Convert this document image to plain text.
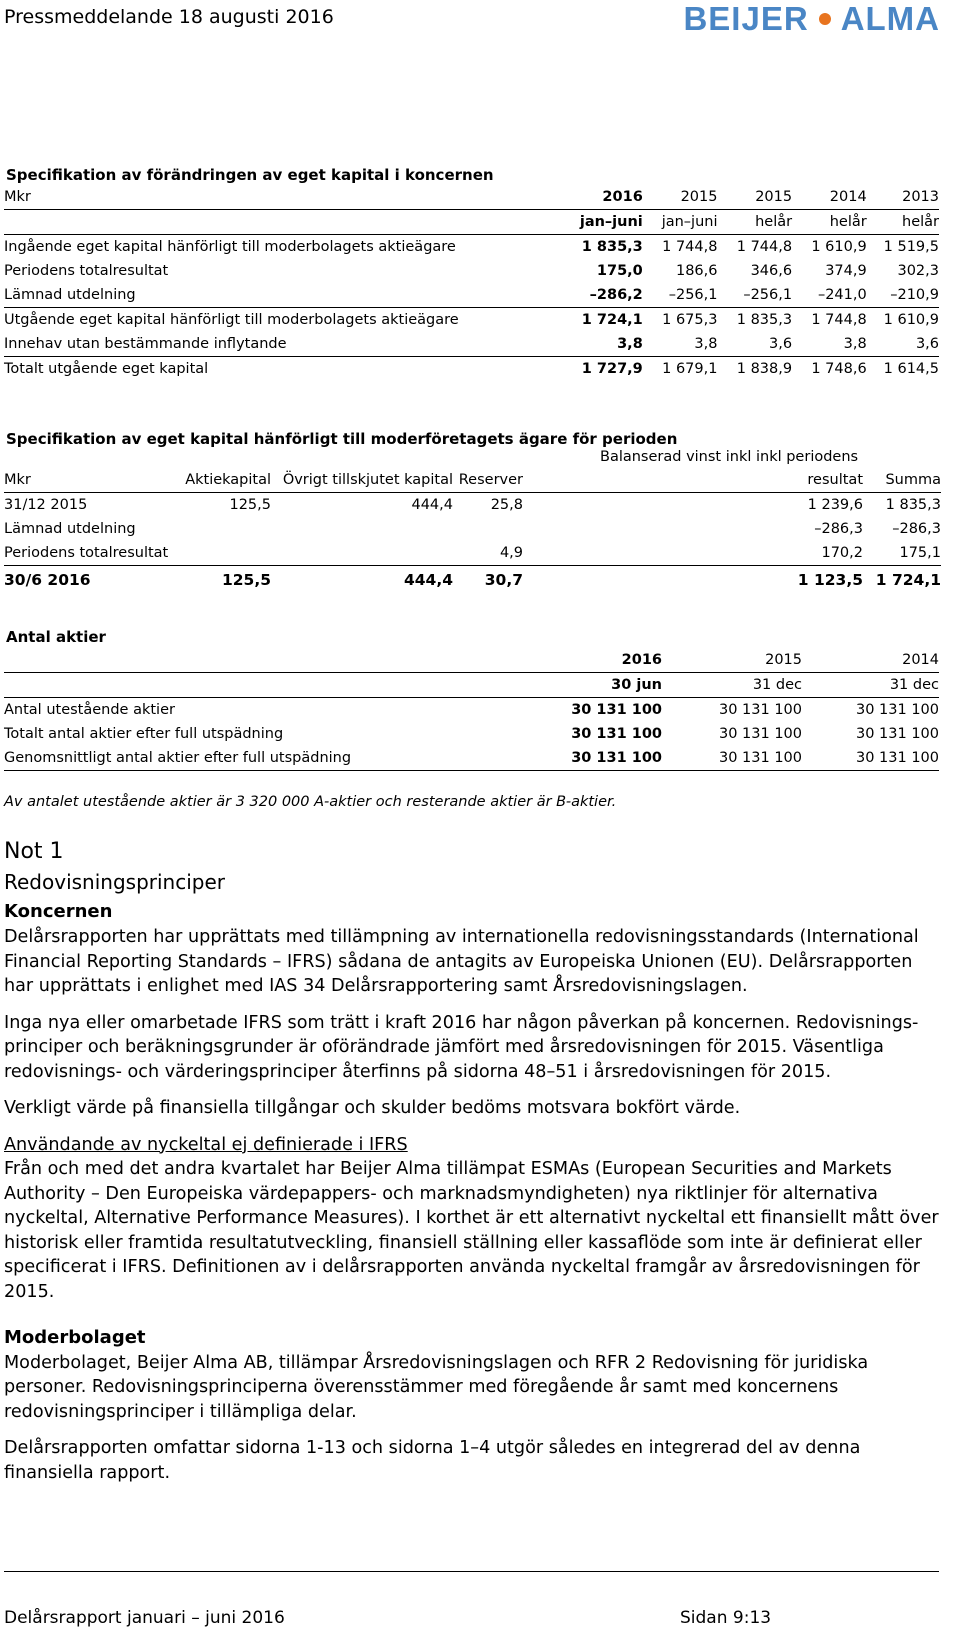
Pressmeddelande 18 augusti 2016	BEIJER ALMA
Specifikation av förändringen av eget kapital i koncernen
Mkr	2016	2015	2015	2014	2013
	jan–juni	jan–juni	helår	helår	helår
Ingående eget kapital hänförligt till moderbolagets aktieägare	1 835,3	1 744,8	1 744,8	1 610,9	1 519,5
Periodens totalresultat	175,0	186,6	346,6	374,9	302,3
Lämnad utdelning	–286,2	–256,1	–256,1	–241,0	–210,9
Utgående eget kapital hänförligt till moderbolagets aktieägare	1 724,1	1 675,3	1 835,3	1 744,8	1 610,9
Innehav utan bestämmande inflytande	3,8	3,8	3,6	3,8	3,6
Totalt utgående eget kapital	1 727,9	1 679,1	1 838,9	1 748,6	1 614,5
Specifikation av eget kapital hänförligt till moderföretagets ägare för perioden
Balanserad vinst inkl inkl periodens
Mkr	Aktiekapital	Övrigt tillskjutet kapital	Reserver	resultat	Summa
31/12 2015	125,5	444,4	25,8	1 239,6	1 835,3
Lämnad utdelning				–286,3	–286,3
Periodens totalresultat			4,9	170,2	175,1
30/6 2016	125,5	444,4	30,7	1 123,5	1 724,1
Antal aktier
	2016	2015	2014
	30 jun	31 dec	31 dec
Antal utestående aktier	30 131 100	30 131 100	30 131 100
Totalt antal aktier efter full utspädning	30 131 100	30 131 100	30 131 100
Genomsnittligt antal aktier efter full utspädning	30 131 100	30 131 100	30 131 100
Av antalet utestående aktier är 3 320 000 A-aktier och resterande aktier är B-aktier.
Not 1
Redovisningsprinciper
Koncernen

Delårsrapporten har upprättats med tillämpning av internationella redovisningsstandards (International Financial Reporting Standards – IFRS) sådana de antagits av Europeiska Unionen (EU). Delårsrapporten har upprättats i enlighet med IAS 34 Delårsrapportering samt Årsredovisningslagen.

Inga nya eller omarbetade IFRS som trätt i kraft 2016 har någon påverkan på koncernen. Redovisnings-principer och beräkningsgrunder är oförändrade jämfört med årsredovisningen för 2015. Väsentliga redovisnings- och värderingsprinciper återfinns på sidorna 48–51 i årsredovisningen för 2015.

Verkligt värde på finansiella tillgångar och skulder bedöms motsvara bokfört värde.

Användande av nyckeltal ej definierade i IFRS

Från och med det andra kvartalet har Beijer Alma tillämpat ESMAs (European Securities and Markets Authority – Den Europeiska värdepappers- och marknadsmyndigheten) nya riktlinjer för alternativa nyckeltal, Alternative Performance Measures). I korthet är ett alternativt nyckeltal ett finansiellt mått över historisk eller framtida resultatutveckling, finansiell ställning eller kassaflöde som inte är definierat eller specificerat i IFRS. Definitionen av i delårsrapporten använda nyckeltal framgår av årsredovisningen för 2015.

Moderbolaget

Moderbolaget, Beijer Alma AB, tillämpar Årsredovisningslagen och RFR 2 Redovisning för juridiska personer. Redovisningsprinciperna överensstämmer med föregående år samt med koncernens redovisningsprinciper i tillämpliga delar.

Delårsrapporten omfattar sidorna 1-13 och sidorna 1–4 utgör således en integrerad del av denna finansiella rapport.

Delårsrapport januari – juni 2016	Sidan 9:13
